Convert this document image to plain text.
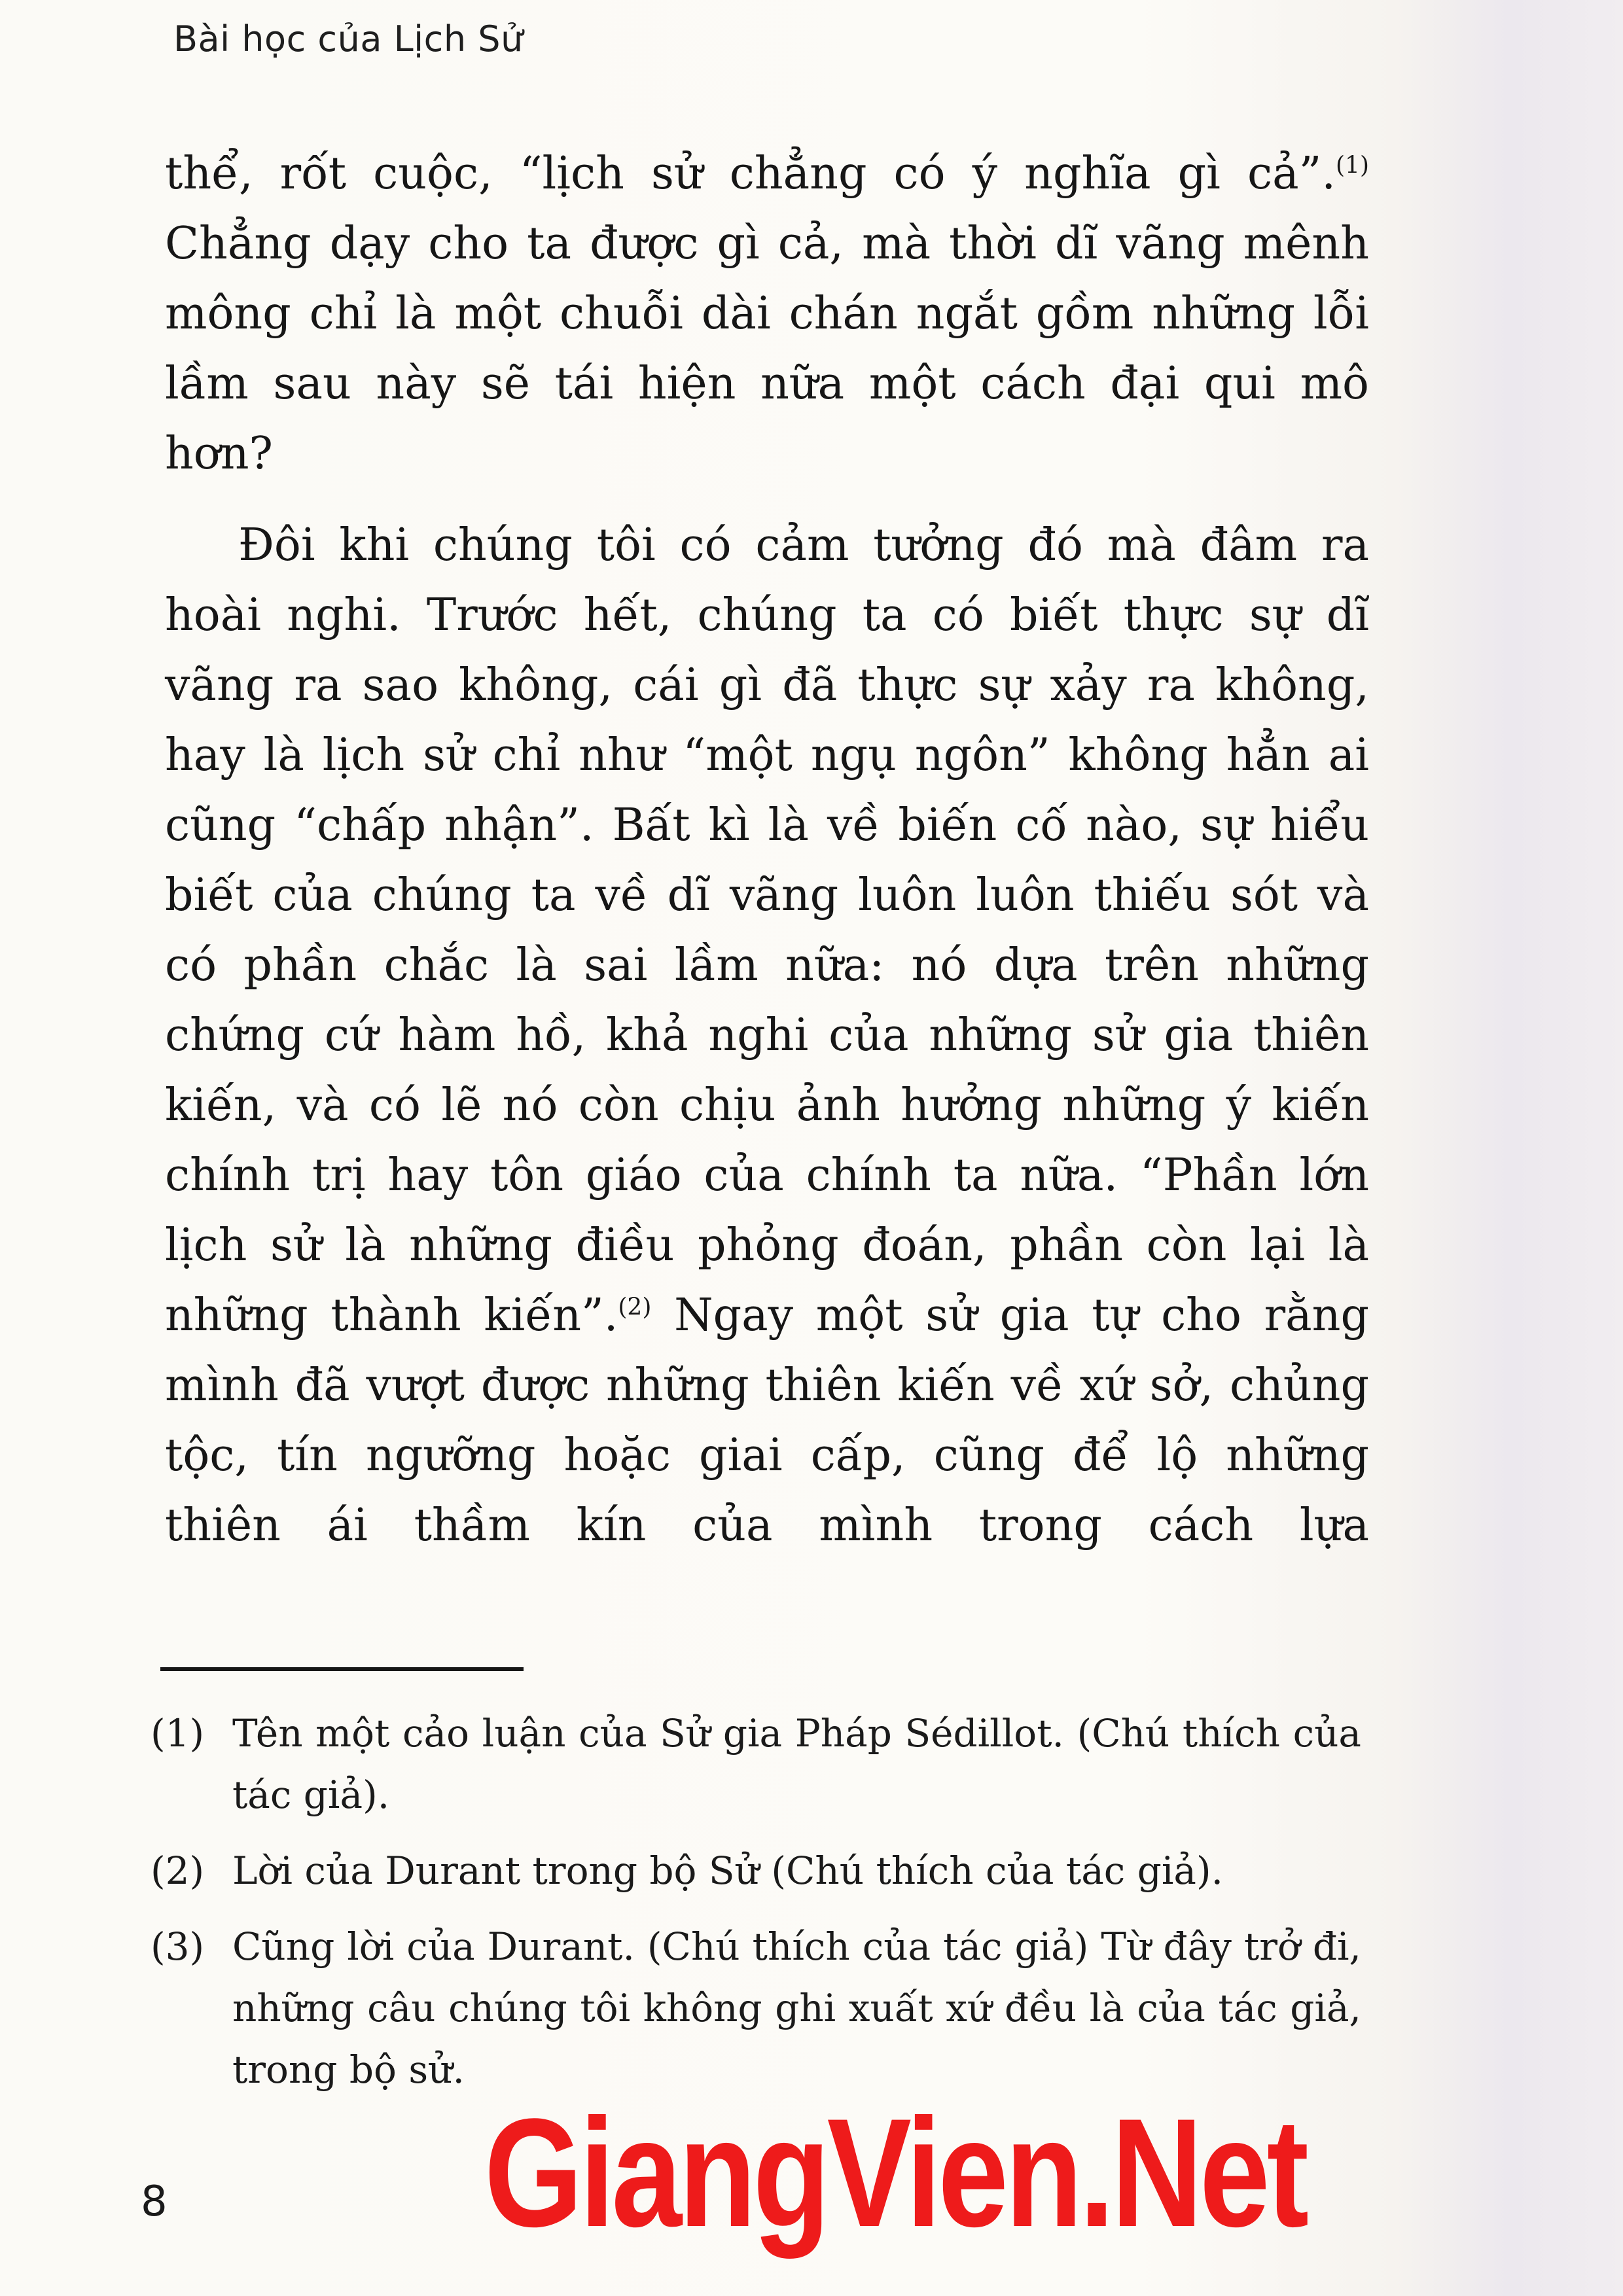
Bài học của Lịch Sử

thể, rốt cuộc, “lịch sử chẳng có ý nghĩa gì cả”.$^{(1)}$ Chẳng dạy cho ta được gì cả, mà thời dĩ vãng mênh mông chỉ là một chuỗi dài chán ngắt gồm những lỗi lầm sau này sẽ tái hiện nữa một cách đại qui mô hơn?

Đôi khi chúng tôi có cảm tưởng đó mà đâm ra hoài nghi. Trước hết, chúng ta có biết thực sự dĩ vãng ra sao không, cái gì đã thực sự xảy ra không, hay là lịch sử chỉ như “một ngụ ngôn” không hẳn ai cũng “chấp nhận”. Bất kì là về biến cố nào, sự hiểu biết của chúng ta về dĩ vãng luôn luôn thiếu sót và có phần chắc là sai lầm nữa: nó dựa trên những chứng cứ hàm hồ, khả nghi của những sử gia thiên kiến, và có lẽ nó còn chịu ảnh hưởng những ý kiến chính trị hay tôn giáo của chính ta nữa. “Phần lớn lịch sử là những điều phỏng đoán, phần còn lại là những thành kiến”.$^{(2)}$ Ngay một sử gia tự cho rằng mình đã vượt được những thiên kiến về xứ sở, chủng tộc, tín ngưỡng hoặc giai cấp, cũng để lộ những thiên ái thầm kín của mình trong cách lựa

(1) Tên một cảo luận của Sử gia Pháp Sédillot. (Chú thích của tác giả).
(2) Lời của Durant trong bộ Sử (Chú thích của tác giả).
(3) Cũng lời của Durant. (Chú thích của tác giả) Từ đây trở đi, những câu chúng tôi không ghi xuất xứ đều là của tác giả, trong bộ sử.
GiangVien.Net
8
